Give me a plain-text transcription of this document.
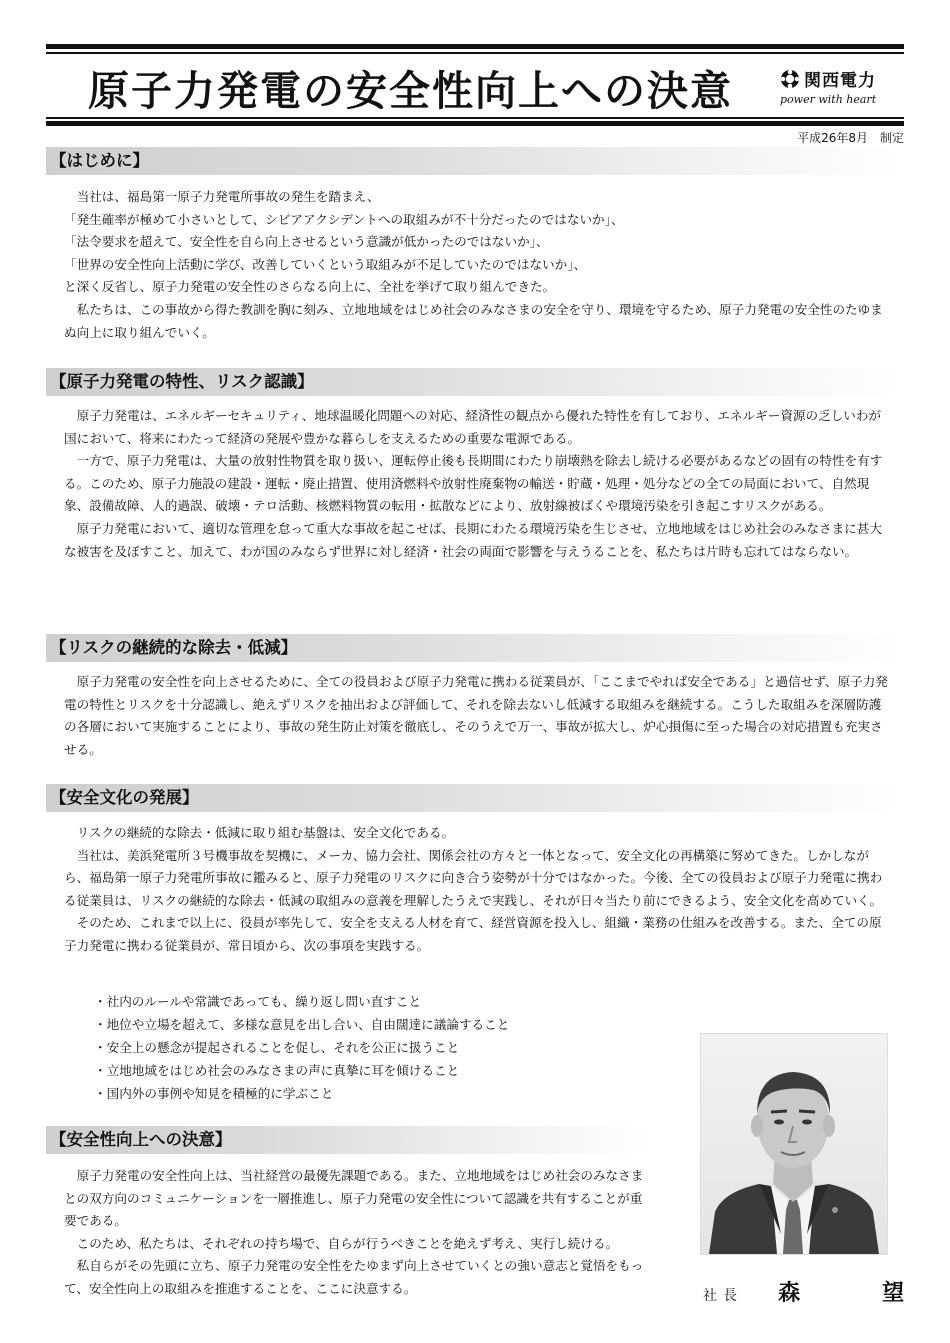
原子力発電の安全性向上への決意	関西電力
power with heart
平成26年8月　制定
【はじめに】

当社は、福島第一原子力発電所事故の発生を踏まえ、

「発生確率が極めて小さいとして、シビアアクシデントへの取組みが不十分だったのではないか」、

「法令要求を超えて、安全性を自ら向上させるという意識が低かったのではないか」、

「世界の安全性向上活動に学び、改善していくという取組みが不足していたのではないか」、

と深く反省し、原子力発電の安全性のさらなる向上に、全社を挙げて取り組んできた。

私たちは、この事故から得た教訓を胸に刻み、立地地域をはじめ社会のみなさまの安全を守り、環境を守るため、原子力発電の安全性のたゆまぬ向上に取り組んでいく。

【原子力発電の特性、リスク認識】

原子力発電は、エネルギーセキュリティ、地球温暖化問題への対応、経済性の観点から優れた特性を有しており、エネルギー資源の乏しいわが国において、将来にわたって経済の発展や豊かな暮らしを支えるための重要な電源である。

一方で、原子力発電は、大量の放射性物質を取り扱い、運転停止後も長期間にわたり崩壊熱を除去し続ける必要があるなどの固有の特性を有する。このため、原子力施設の建設・運転・廃止措置、使用済燃料や放射性廃棄物の輸送・貯蔵・処理・処分などの全ての局面において、自然現象、設備故障、人的過誤、破壊・テロ活動、核燃料物質の転用・拡散などにより、放射線被ばくや環境汚染を引き起こすリスクがある。

原子力発電において、適切な管理を怠って重大な事故を起こせば、長期にわたる環境汚染を生じさせ、立地地域をはじめ社会のみなさまに甚大な被害を及ぼすこと、加えて、わが国のみならず世界に対し経済・社会の両面で影響を与えうることを、私たちは片時も忘れてはならない。

【リスクの継続的な除去・低減】

原子力発電の安全性を向上させるために、全ての役員および原子力発電に携わる従業員が、「ここまでやれば安全である」と過信せず、原子力発電の特性とリスクを十分認識し、絶えずリスクを抽出および評価して、それを除去ないし低減する取組みを継続する。こうした取組みを深層防護の各層において実施することにより、事故の発生防止対策を徹底し、そのうえで万一、事故が拡大し、炉心損傷に至った場合の対応措置も充実させる。

【安全文化の発展】

リスクの継続的な除去・低減に取り組む基盤は、安全文化である。

当社は、美浜発電所３号機事故を契機に、メーカ、協力会社、関係会社の方々と一体となって、安全文化の再構築に努めてきた。しかしながら、福島第一原子力発電所事故に鑑みると、原子力発電のリスクに向き合う姿勢が十分ではなかった。今後、全ての役員および原子力発電に携わる従業員は、リスクの継続的な除去・低減の取組みの意義を理解したうえで実践し、それが日々当たり前にできるよう、安全文化を高めていく。

そのため、これまで以上に、役員が率先して、安全を支える人材を育て、経営資源を投入し、組織・業務の仕組みを改善する。また、全ての原子力発電に携わる従業員が、常日頃から、次の事項を実践する。

・社内のルールや常識であっても、繰り返し問い直すこと
・地位や立場を超えて、多様な意見を出し合い、自由闊達に議論すること
・安全上の懸念が提起されることを促し、それを公正に扱うこと
・立地地域をはじめ社会のみなさまの声に真摯に耳を傾けること
・国内外の事例や知見を積極的に学ぶこと
【安全性向上への決意】

原子力発電の安全性向上は、当社経営の最優先課題である。また、立地地域をはじめ社会のみなさまとの双方向のコミュニケーションを一層推進し、原子力発電の安全性について認識を共有することが重要である。

このため、私たちは、それぞれの持ち場で、自らが行うべきことを絶えず考え、実行し続ける。

私自らがその先頭に立ち、原子力発電の安全性をたゆまず向上させていくとの強い意志と覚悟をもって、安全性向上の取組みを推進することを、ここに決意する。	社長 森　望
